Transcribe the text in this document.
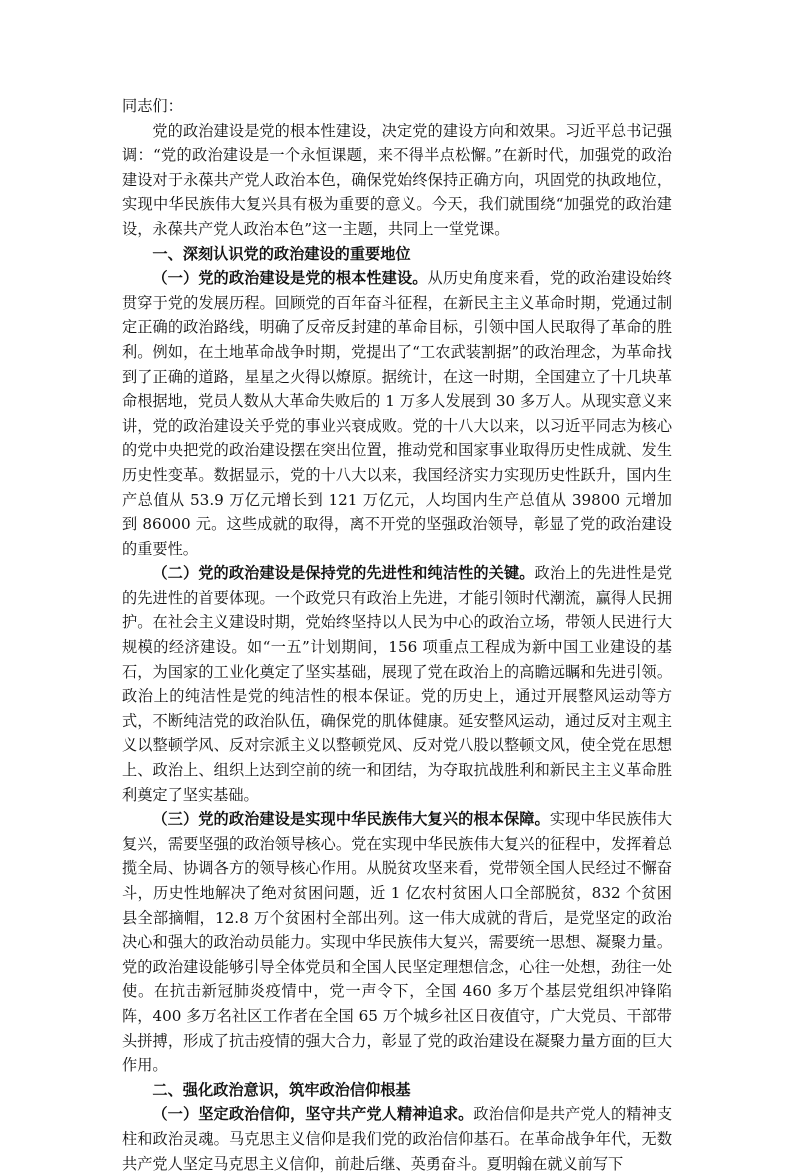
同志们：

党的政治建设是党的根本性建设，决定党的建设方向和效果。习近平总书记强调：“党的政治建设是一个永恒课题，来不得半点松懈。”在新时代，加强党的政治建设对于永葆共产党人政治本色，确保党始终保持正确方向，巩固党的执政地位，实现中华民族伟大复兴具有极为重要的意义。今天，我们就围绕“加强党的政治建设，永葆共产党人政治本色”这一主题，共同上一堂党课。

一、深刻认识党的政治建设的重要地位

（一）党的政治建设是党的根本性建设。从历史角度来看，党的政治建设始终贯穿于党的发展历程。回顾党的百年奋斗征程，在新民主主义革命时期，党通过制定正确的政治路线，明确了反帝反封建的革命目标，引领中国人民取得了革命的胜利。例如，在土地革命战争时期，党提出了“工农武装割据”的政治理念，为革命找到了正确的道路，星星之火得以燎原。据统计，在这一时期，全国建立了十几块革命根据地，党员人数从大革命失败后的 1 万多人发展到 30 多万人。从现实意义来讲，党的政治建设关乎党的事业兴衰成败。党的十八大以来，以习近平同志为核心的党中央把党的政治建设摆在突出位置，推动党和国家事业取得历史性成就、发生历史性变革。数据显示，党的十八大以来，我国经济实力实现历史性跃升，国内生产总值从 53.9 万亿元增长到 121 万亿元，人均国内生产总值从 39800 元增加到 86000 元。这些成就的取得，离不开党的坚强政治领导，彰显了党的政治建设的重要性。

（二）党的政治建设是保持党的先进性和纯洁性的关键。政治上的先进性是党的先进性的首要体现。一个政党只有政治上先进，才能引领时代潮流，赢得人民拥护。在社会主义建设时期，党始终坚持以人民为中心的政治立场，带领人民进行大规模的经济建设。如“一五”计划期间，156 项重点工程成为新中国工业建设的基石，为国家的工业化奠定了坚实基础，展现了党在政治上的高瞻远瞩和先进引领。政治上的纯洁性是党的纯洁性的根本保证。党的历史上，通过开展整风运动等方式，不断纯洁党的政治队伍，确保党的肌体健康。延安整风运动，通过反对主观主义以整顿学风、反对宗派主义以整顿党风、反对党八股以整顿文风，使全党在思想上、政治上、组织上达到空前的统一和团结，为夺取抗战胜利和新民主主义革命胜利奠定了坚实基础。

（三）党的政治建设是实现中华民族伟大复兴的根本保障。实现中华民族伟大复兴，需要坚强的政治领导核心。党在实现中华民族伟大复兴的征程中，发挥着总揽全局、协调各方的领导核心作用。从脱贫攻坚来看，党带领全国人民经过不懈奋斗，历史性地解决了绝对贫困问题，近 1 亿农村贫困人口全部脱贫，832 个贫困县全部摘帽，12.8 万个贫困村全部出列。这一伟大成就的背后，是党坚定的政治决心和强大的政治动员能力。实现中华民族伟大复兴，需要统一思想、凝聚力量。党的政治建设能够引导全体党员和全国人民坚定理想信念，心往一处想，劲往一处使。在抗击新冠肺炎疫情中，党一声令下，全国 460 多万个基层党组织冲锋陷阵，400 多万名社区工作者在全国 65 万个城乡社区日夜值守，广大党员、干部带头拼搏，形成了抗击疫情的强大合力，彰显了党的政治建设在凝聚力量方面的巨大作用。

二、强化政治意识，筑牢政治信仰根基

（一）坚定政治信仰，坚守共产党人精神追求。政治信仰是共产党人的精神支柱和政治灵魂。马克思主义信仰是我们党的政治信仰基石。在革命战争年代，无数共产党人坚定马克思主义信仰，前赴后继、英勇奋斗。夏明翰在就义前写下
